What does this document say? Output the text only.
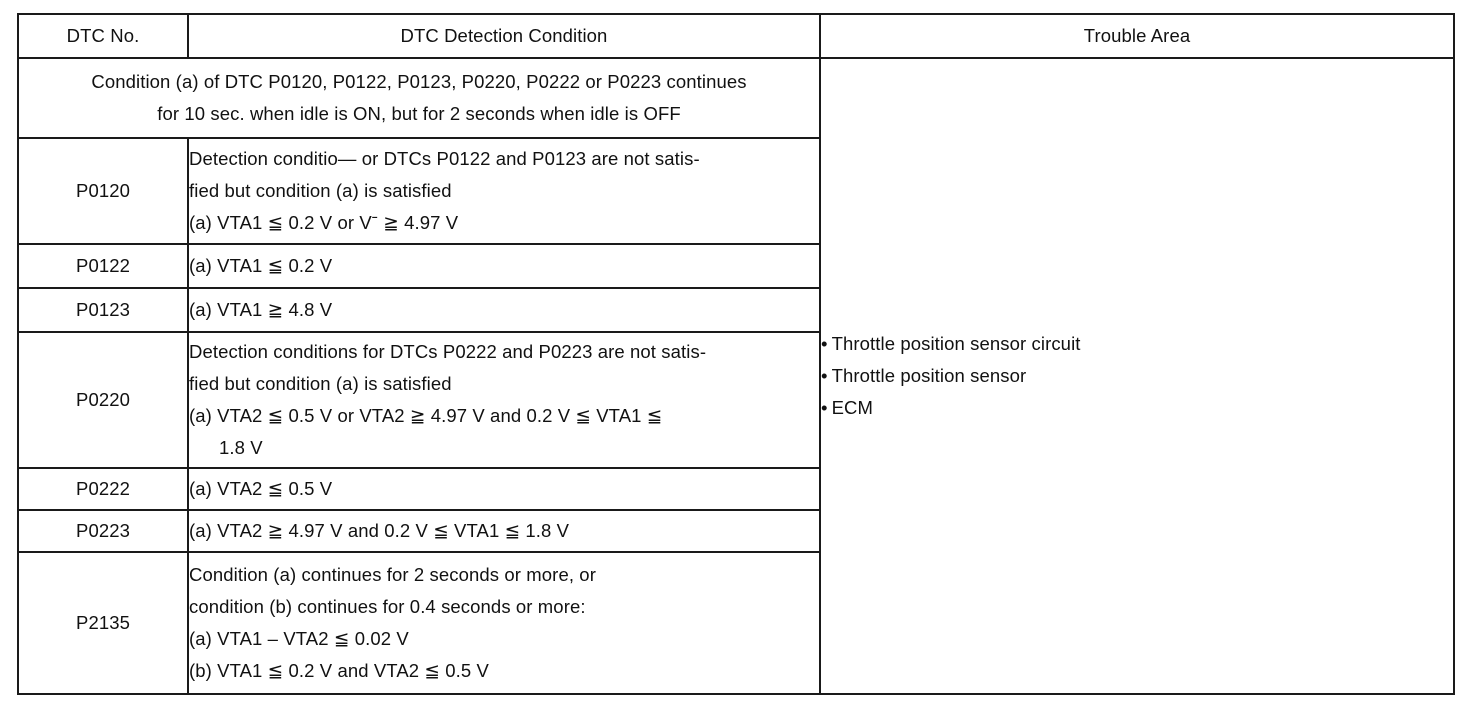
DTC No.	DTC Detection Condition	Trouble Area

Condition (a) of DTC P0120, P0122, P0123, P0220, P0222 or P0223 continues
for 10 sec. when idle is ON, but for 2 seconds when idle is OFF		• Throttle position sensor circuit
• Throttle position sensor
• ECM

P0120	Detection conditio— or DTCs P0122 and P0123 are not satis-
fied but condition (a) is satisfied
(a) VTA1 ≦ 0.2 V or Vˉ ≧ 4.97 V	

P0122	(a) VTA1 ≦ 0.2 V	

P0123	(a) VTA1 ≧ 4.8 V	

P0220	Detection conditions for DTCs P0222 and P0223 are not satis-
fied but condition (a) is satisfied
(a) VTA2 ≦ 0.5 V or VTA2 ≧ 4.97 V and 0.2 V ≦ VTA1 ≦
1.8 V	

P0222	(a) VTA2 ≦ 0.5 V	

P0223	(a) VTA2 ≧ 4.97 V and 0.2 V ≦ VTA1 ≦ 1.8 V	

P2135	Condition (a) continues for 2 seconds or more, or
condition (b) continues for 0.4 seconds or more:
(a) VTA1 – VTA2 ≦ 0.02 V
(b) VTA1 ≦ 0.2 V and VTA2 ≦ 0.5 V	
